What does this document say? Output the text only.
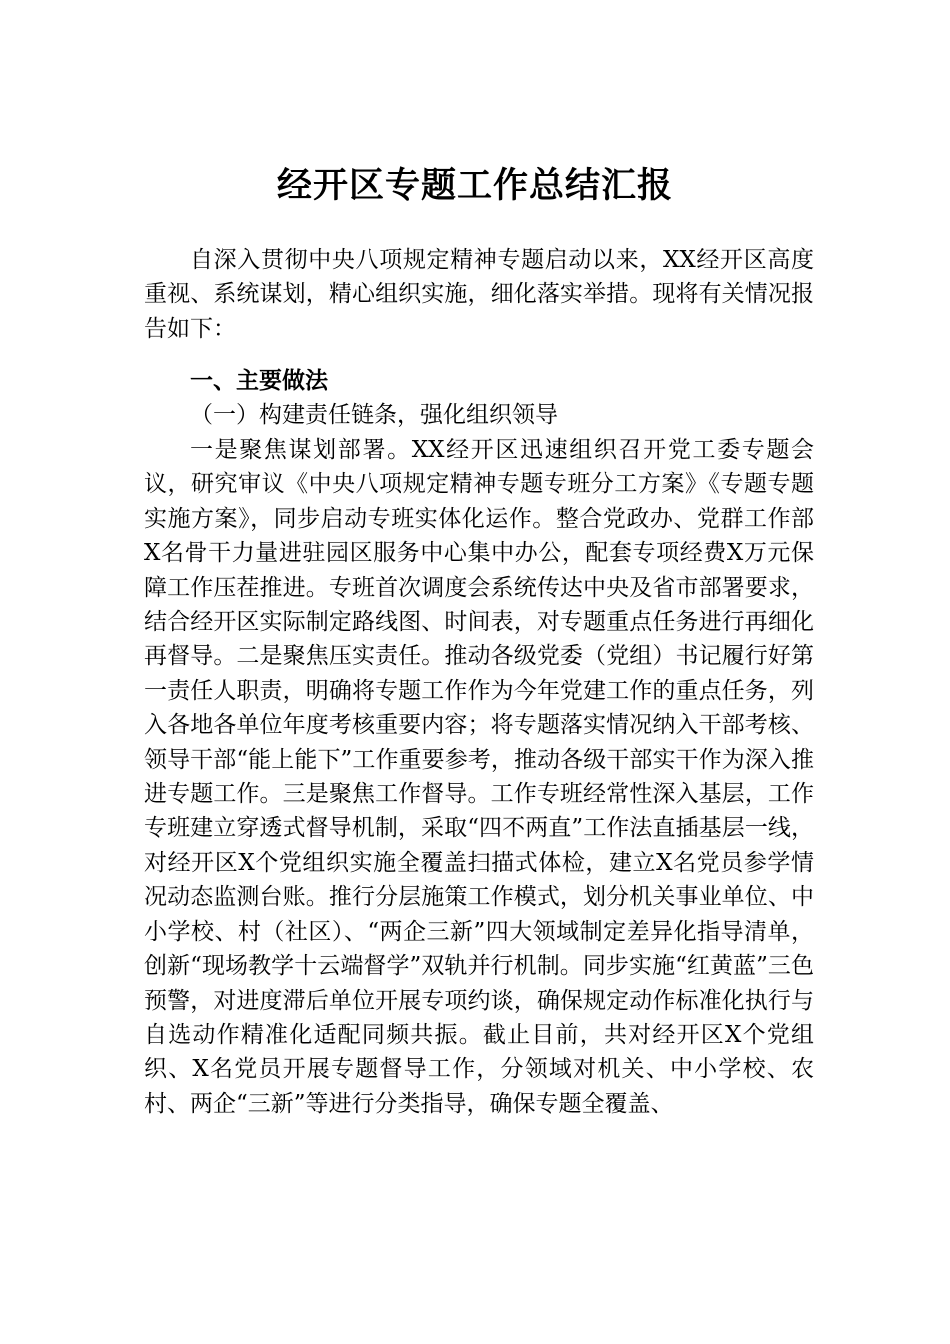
经开区专题工作总结汇报

自深入贯彻中央八项规定精神专题启动以来，XX经开区高度重视、系统谋划，精心组织实施，细化落实举措。现将有关情况报告如下：

一、主要做法

（一）构建责任链条，强化组织领导

一是聚焦谋划部署。XX经开区迅速组织召开党工委专题会议，研究审议《中央八项规定精神专题专班分工方案》《专题专题实施方案》，同步启动专班实体化运作。整合党政办、党群工作部X名骨干力量进驻园区服务中心集中办公，配套专项经费X万元保障工作压茬推进。专班首次调度会系统传达中央及省市部署要求，结合经开区实际制定路线图、时间表，对专题重点任务进行再细化再督导。二是聚焦压实责任。推动各级党委（党组）书记履行好第一责任人职责，明确将专题工作作为今年党建工作的重点任务，列入各地各单位年度考核重要内容；将专题落实情况纳入干部考核、领导干部“能上能下”工作重要参考，推动各级干部实干作为深入推进专题工作。三是聚焦工作督导。工作专班经常性深入基层，工作专班建立穿透式督导机制，采取“四不两直”工作法直插基层一线，对经开区X个党组织实施全覆盖扫描式体检，建立X名党员参学情况动态监测台账。推行分层施策工作模式，划分机关事业单位、中小学校、村（社区）、“两企三新”四大领域制定差异化指导清单，创新“现场教学十云端督学”双轨并行机制。同步实施“红黄蓝”三色预警，对进度滞后单位开展专项约谈，确保规定动作标准化执行与自选动作精准化适配同频共振。截止目前，共对经开区X个党组织、X名党员开展专题督导工作，分领域对机关、中小学校、农村、两企“三新”等进行分类指导，确保专题全覆盖、
